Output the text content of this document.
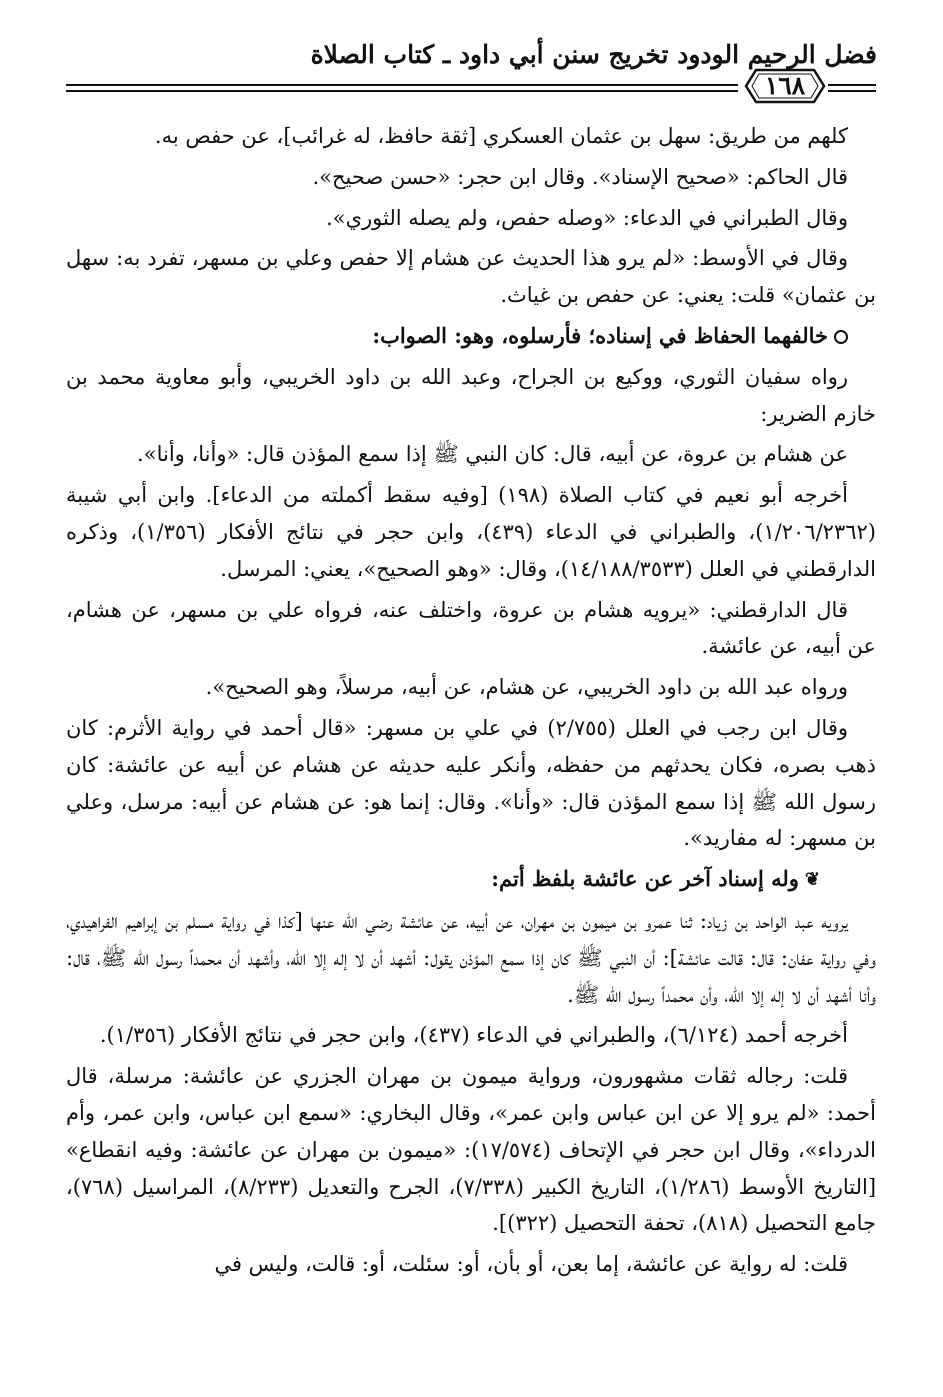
فضل الرحيم الودود تخريج سنن أبي داود ـ كتاب الصلاة
١٦٨

كلهم من طريق: سهل بن عثمان العسكري [ثقة حافظ، له غرائب]، عن حفص به.

قال الحاكم: «صحيح الإسناد». وقال ابن حجر: «حسن صحيح».

وقال الطبراني في الدعاء: «وصله حفص، ولم يصله الثوري».

وقال في الأوسط: «لم يرو هذا الحديث عن هشام إلا حفص وعلي بن مسهر، تفرد به: سهل بن عثمان» قلت: يعني: عن حفص بن غياث.

خالفهما الحفاظ في إسناده؛ فأرسلوه، وهو: الصواب:

رواه سفيان الثوري، ووكيع بن الجراح، وعبد الله بن داود الخريبي، وأبو معاوية محمد بن خازم الضرير:

عن هشام بن عروة، عن أبيه، قال: كان النبي ﷺ إذا سمع المؤذن قال: «وأنا، وأنا».

أخرجه أبو نعيم في كتاب الصلاة (١٩٨) [وفيه سقط أكملته من الدعاء]. وابن أبي شيبة (١/٢٠٦/٢٣٦٢)، والطبراني في الدعاء (٤٣٩)، وابن حجر في نتائج الأفكار (١/٣٥٦)، وذكره الدارقطني في العلل (١٤/١٨٨/٣٥٣٣)، وقال: «وهو الصحيح»، يعني: المرسل.

قال الدارقطني: «يرويه هشام بن عروة، واختلف عنه، فرواه علي بن مسهر، عن هشام، عن أبيه، عن عائشة.

ورواه عبد الله بن داود الخريبي، عن هشام، عن أبيه، مرسلاً، وهو الصحيح».

وقال ابن رجب في العلل (٢/٧٥٥) في علي بن مسهر: «قال أحمد في رواية الأثرم: كان ذهب بصره، فكان يحدثهم من حفظه، وأنكر عليه حديثه عن هشام عن أبيه عن عائشة: كان رسول الله ﷺ إذا سمع المؤذن قال: «وأنا». وقال: إنما هو: عن هشام عن أبيه: مرسل، وعلي بن مسهر: له مفاريد».

❦وله إسناد آخر عن عائشة بلفظ أتم:

يرويه عبد الواحد بن زياد: ثنا عمرو بن ميمون بن مهران، عن أبيه، عن عائشة رضي الله عنها [كذا في رواية مسلم بن إبراهيم الفراهيدي، وفي رواية عفان: قال: قالت عائشة]: أن النبي ﷺ كان إذا سمع المؤذن يقول: أشهد أن لا إله إلا الله، وأشهد أن محمداً رسول الله ﷺ، قال: وأنا أشهد أن لا إله إلا الله، وأن محمداً رسول الله ﷺ.

أخرجه أحمد (٦/١٢٤)، والطبراني في الدعاء (٤٣٧)، وابن حجر في نتائج الأفكار (١/٣٥٦).

قلت: رجاله ثقات مشهورون، ورواية ميمون بن مهران الجزري عن عائشة: مرسلة، قال أحمد: «لم يرو إلا عن ابن عباس وابن عمر»، وقال البخاري: «سمع ابن عباس، وابن عمر، وأم الدرداء»، وقال ابن حجر في الإتحاف (١٧/٥٧٤): «ميمون بن مهران عن عائشة: وفيه انقطاع» [التاريخ الأوسط (١/٢٨٦)، التاريخ الكبير (٧/٣٣٨)، الجرح والتعديل (٨/٢٣٣)، المراسيل (٧٦٨)، جامع التحصيل (٨١٨)، تحفة التحصيل (٣٢٢)].

قلت: له رواية عن عائشة، إما بعن، أو بأن، أو: سئلت، أو: قالت، وليس في
